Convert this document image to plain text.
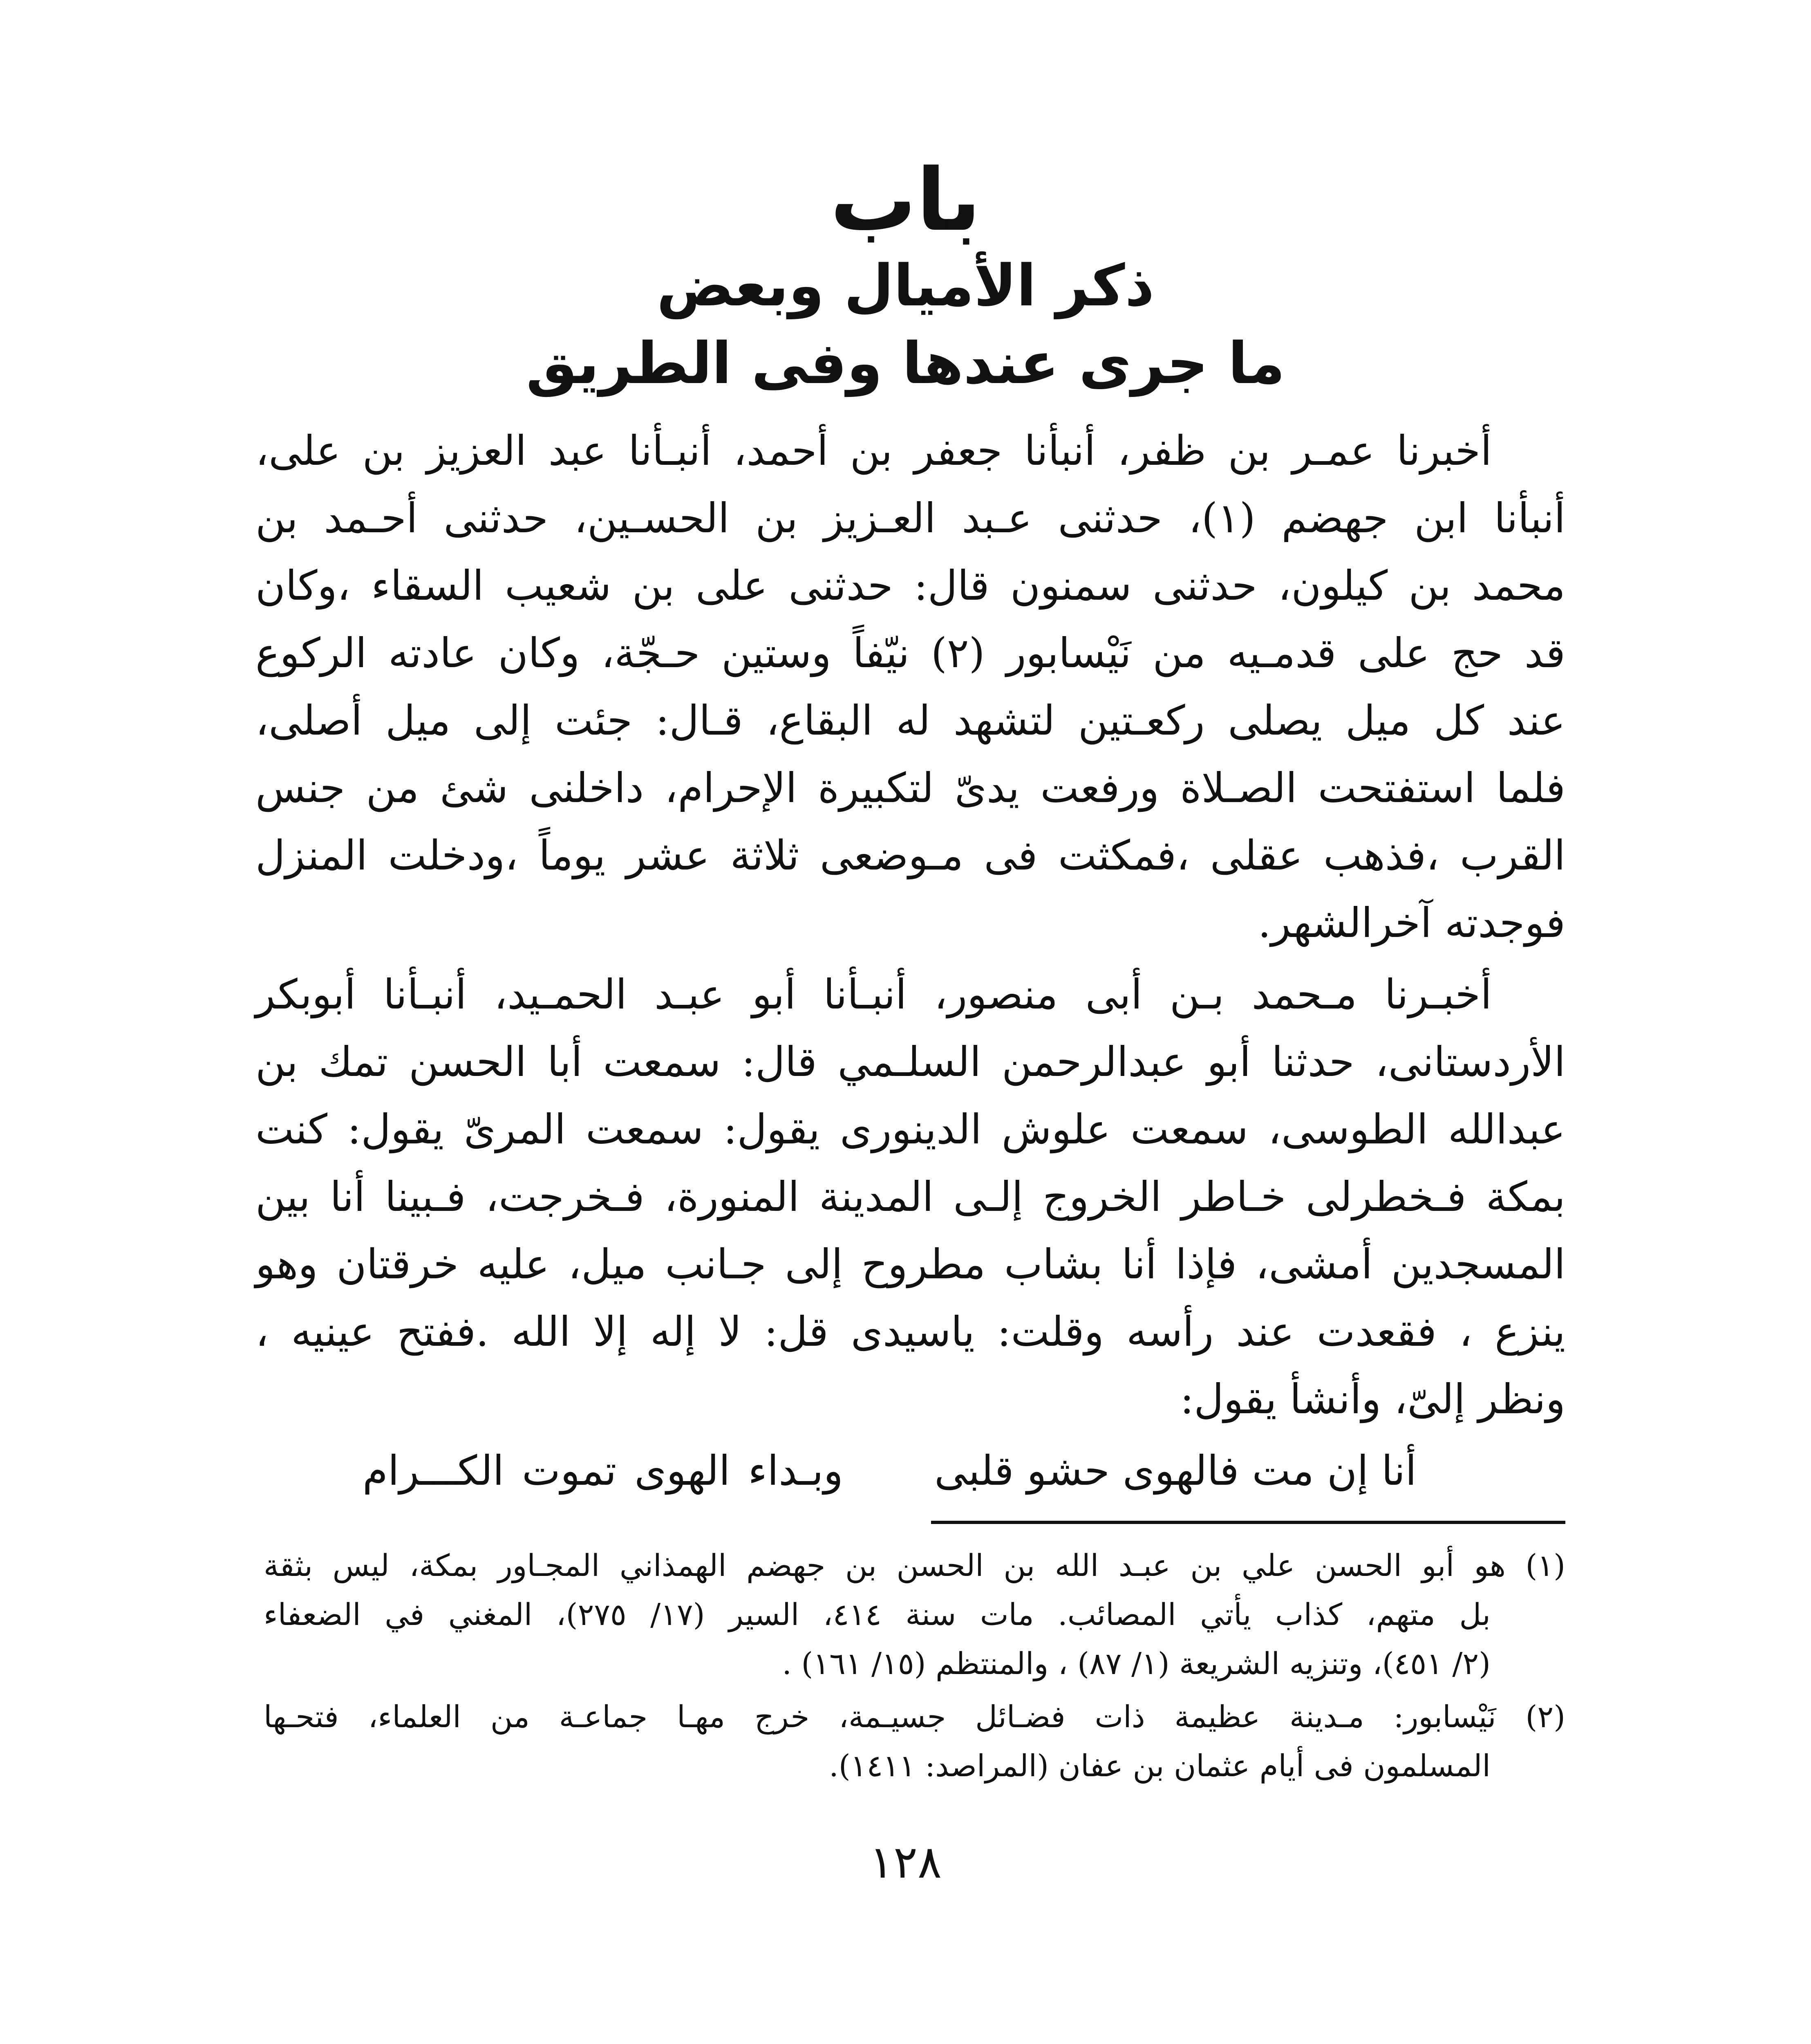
باب
ذكر الأميال وبعض
ما جرى عندها وفى الطريق
أخبرنا عمـر بن ظفر، أنبأنا جعفر بن أحمد، أنبـأنا عبد العزيز بن على،
أنبأنا ابن جهضم (١)، حدثنى عـبد العـزيز بن الحسـين، حدثنى أحـمد بن
محمد بن كيلون، حدثنى سمنون قال: حدثنى على بن شعيب السقاء ،وكان
قد حج على قدمـيه من نَيْسابور (٢) نيّفاً وستين حـجّة، وكان عادته الركوع
عند كل ميل يصلى ركعـتين لتشهد له البقاع، قـال: جئت إلى ميل أصلى،
فلما استفتحت الصـلاة ورفعت يدىّ لتكبيرة الإحرام، داخلنى شئ من جنس
القرب ،فذهب عقلى ،فمكثت فى مـوضعى ثلاثة عشر يوماً ،ودخلت المنزل
فوجدته آخرالشهر.
أخبـرنا مـحمد بـن أبى منصور، أنبـأنا أبو عبـد الحمـيد، أنبـأنا أبوبكر
الأردستانى، حدثنا أبو عبدالرحمن السلـمي قال: سمعت أبا الحسن تمك بن
عبدالله الطوسى، سمعت علوش الدينورى يقول: سمعت المرىّ يقول: كنت
بمكة فـخطرلى خـاطر الخروج إلـى المدينة المنورة، فـخرجت، فـبينا أنا بين
المسجدين أمشى، فإذا أنا بشاب مطروح إلى جـانب ميل، عليه خرقتان وهو
ينزع ، فقعدت عند رأسه وقلت: ياسيدى قل: لا إله إلا الله .ففتح عينيه ،
ونظر إلىّ، وأنشأ يقول:
أنا إن مت فالهوى حشو قلبى
وبـداء الهوى تموت الكـــرام
(١) هو أبو الحسن علي بن عبـد الله بن الحسن بن جهضم الهمذاني المجـاور بمكة، ليس بثقة
بل متهم، كذاب يأتي المصائب. مات سنة ٤١٤، السير (١٧/ ٢٧٥)، المغني في الضعفاء
(٢/ ٤٥١)، وتنزيه الشريعة (١/ ٨٧) ، والمنتظم (١٥/ ١٦١) .
(٢) نَيْسابور: مـدينة عظيمة ذات فضـائل جسيـمة، خرج مهـا جماعـة من العلماء، فتحـها
المسلمون فى أيام عثمان بن عفان (المراصد: ١٤١١).
١٢٨
